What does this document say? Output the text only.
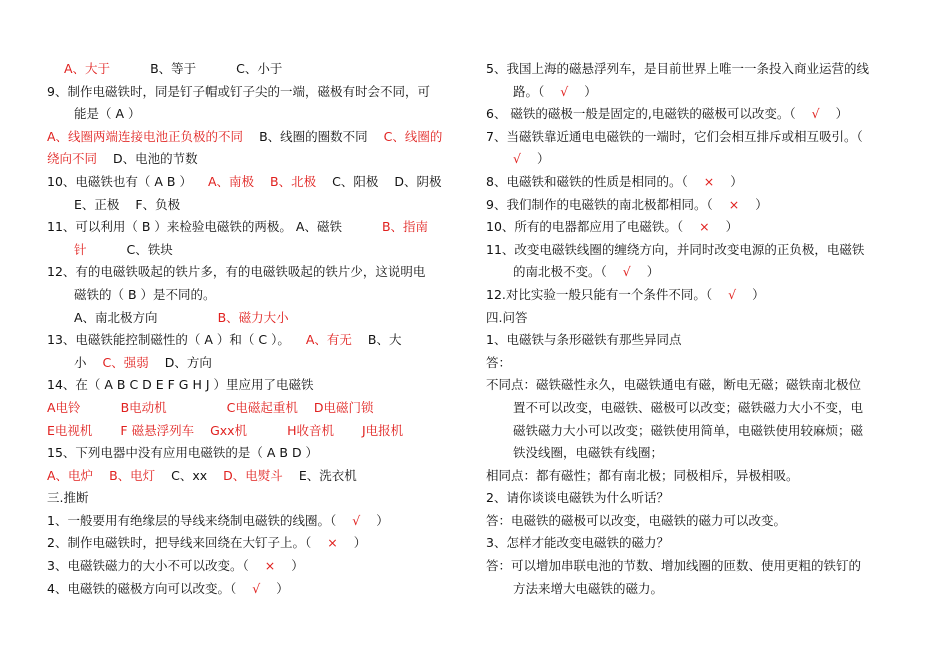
A、大于	B、等于	C、小于
9、制作电磁铁时，同是钉子帽或钉子尖的一端，磁极有时会不同，可
能是（ A ）
A、线圈两端连接电池正负极的不同 B、线圈的圈数不同 C、线圈的
绕向不同 D、电池的节数
10、电磁铁也有（ A B ） A、南极 B、北极 C、阳极 D、阴极
E、正极 F、负极
11、可以利用（ B ）来检验电磁铁的两极。 A、磁铁	B、指南
针	C、铁块
12、有的电磁铁吸起的铁片多，有的电磁铁吸起的铁片少，这说明电
磁铁的（ B ）是不同的。
A、南北极方向	B、磁力大小
13、电磁铁能控制磁性的（ A ）和（ C ）。 A、有无 B、大
小 C、强弱 D、方向
14、在（ A B C D E F G H J ）里应用了电磁铁
A电铃	B电动机	C电磁起重机 D电磁门锁
E电视机 F 磁悬浮列车 Gxx机	H收音机 J电报机
15、下列电器中没有应用电磁铁的是（ A B D ）
A、电炉 B、电灯 C、xx D、电熨斗 E、洗衣机
三.推断
1、一般要用有绝缘层的导线来绕制电磁铁的线圈。（ √ ）
2、制作电磁铁时，把导线来回绕在大钉子上。（ × ）
3、电磁铁磁力的大小不可以改变。（ × ）
4、电磁铁的磁极方向可以改变。（ √ ）
5、我国上海的磁悬浮列车，是目前世界上唯一一条投入商业运营的线
路。（ √ ）
6、 磁铁的磁极一般是固定的,电磁铁的磁极可以改变。（ √ ）
7、当磁铁靠近通电电磁铁的一端时，它们会相互排斥或相互吸引。（
√ ）
8、电磁铁和磁铁的性质是相同的。（ × ）
9、我们制作的电磁铁的南北极都相同。（ × ）
10、所有的电器都应用了电磁铁。（ × ）
11、改变电磁铁线圈的缠绕方向，并同时改变电源的正负极，电磁铁
的南北极不变。（ √ ）
12.对比实验一般只能有一个条件不同。（ √ ）
四.问答
1、电磁铁与条形磁铁有那些异同点
答：
不同点：磁铁磁性永久，电磁铁通电有磁，断电无磁；磁铁南北极位
置不可以改变，电磁铁、磁极可以改变；磁铁磁力大小不变，电
磁铁磁力大小可以改变；磁铁使用简单，电磁铁使用较麻烦；磁
铁没线圈，电磁铁有线圈；
相同点：都有磁性；都有南北极；同极相斥，异极相吸。
2、请你谈谈电磁铁为什么听话？
答：电磁铁的磁极可以改变，电磁铁的磁力可以改变。
3、怎样才能改变电磁铁的磁力？
答：可以增加串联电池的节数、增加线圈的匝数、使用更粗的铁钉的
方法来增大电磁铁的磁力。
